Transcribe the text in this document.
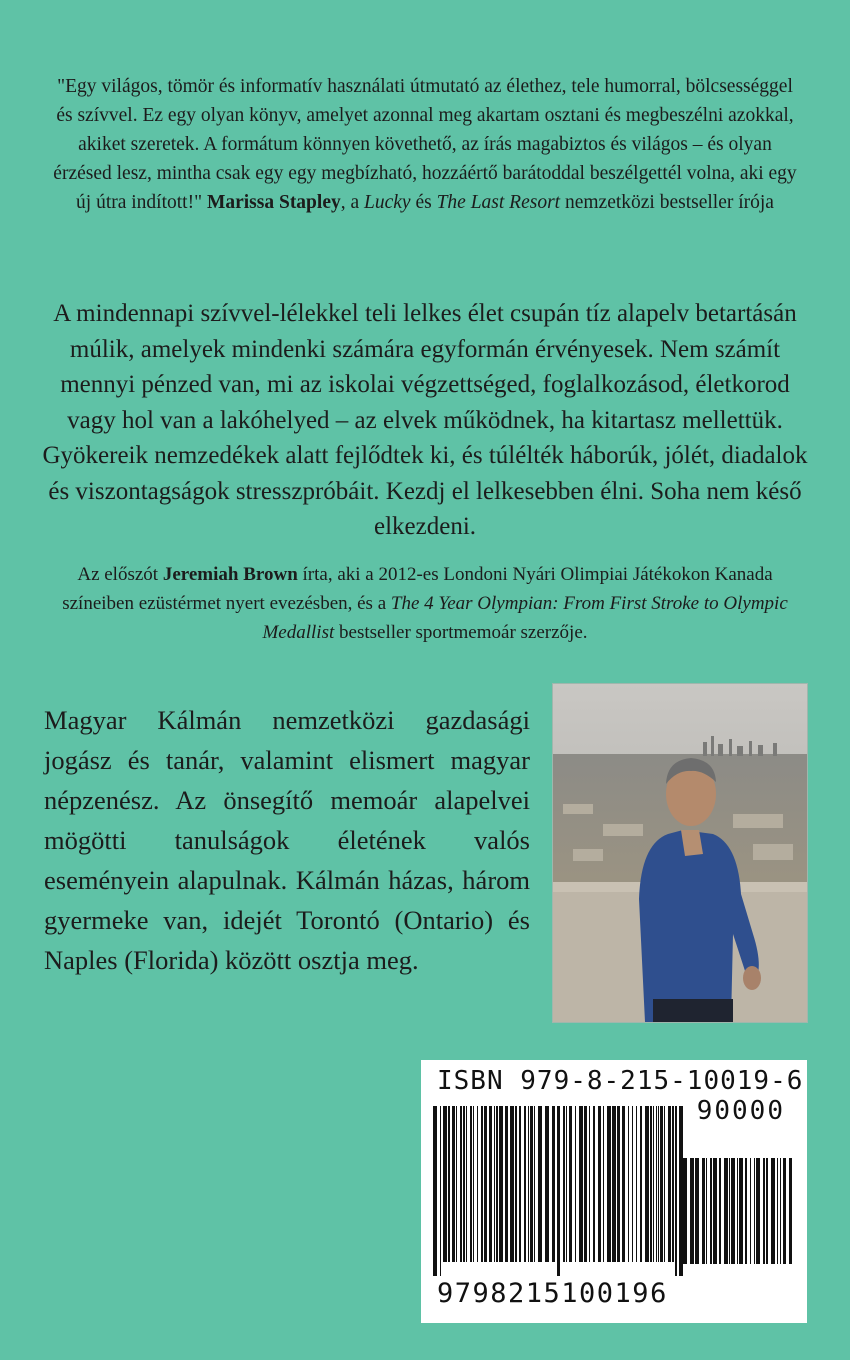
"Egy világos, tömör és informatív használati útmutató az élethez, tele humorral, bölcsességgel és szívvel. Ez egy olyan könyv, amelyet azonnal meg akartam osztani és megbeszélni azokkal, akiket szeretek. A formátum könnyen követhető, az írás magabiztos és világos – és olyan érzésed lesz, mintha csak egy egy megbízható, hozzáértő barátoddal beszélgettél volna, aki egy új útra indított!" Marissa Stapley, a Lucky és The Last Resort nemzetközi bestseller írója
A mindennapi szívvel-lélekkel teli lelkes élet csupán tíz alapelv betartásán múlik, amelyek mindenki számára egyformán érvényesek. Nem számít mennyi pénzed van, mi az iskolai végzettséged, foglalkozásod, életkorod vagy hol van a lakóhelyed – az elvek működnek, ha kitartasz mellettük. Gyökereik nemzedékek alatt fejlődtek ki, és túlélték háborúk, jólét, diadalok és viszontagságok stresszpróbáit. Kezdj el lelkesebben élni. Soha nem késő elkezdeni.
Az előszót Jeremiah Brown írta, aki a 2012-es Londoni Nyári Olimpiai Játékokon Kanada színeiben ezüstérmet nyert evezésben, és a The 4 Year Olympian: From First Stroke to Olympic Medallist bestseller sportmemoár szerzője.
Magyar Kálmán nemzetközi gazdasági jogász és tanár, valamint elismert magyar népzenész. Az önsegítő memoár alapelvei mögötti tanulságok életének valós eseményein alapulnak. Kálmán házas, három gyermeke van, idejét Torontó (Ontario) és Naples (Florida) között osztja meg.
ISBN 979-8-215-10019-6
90000
9798215100196
